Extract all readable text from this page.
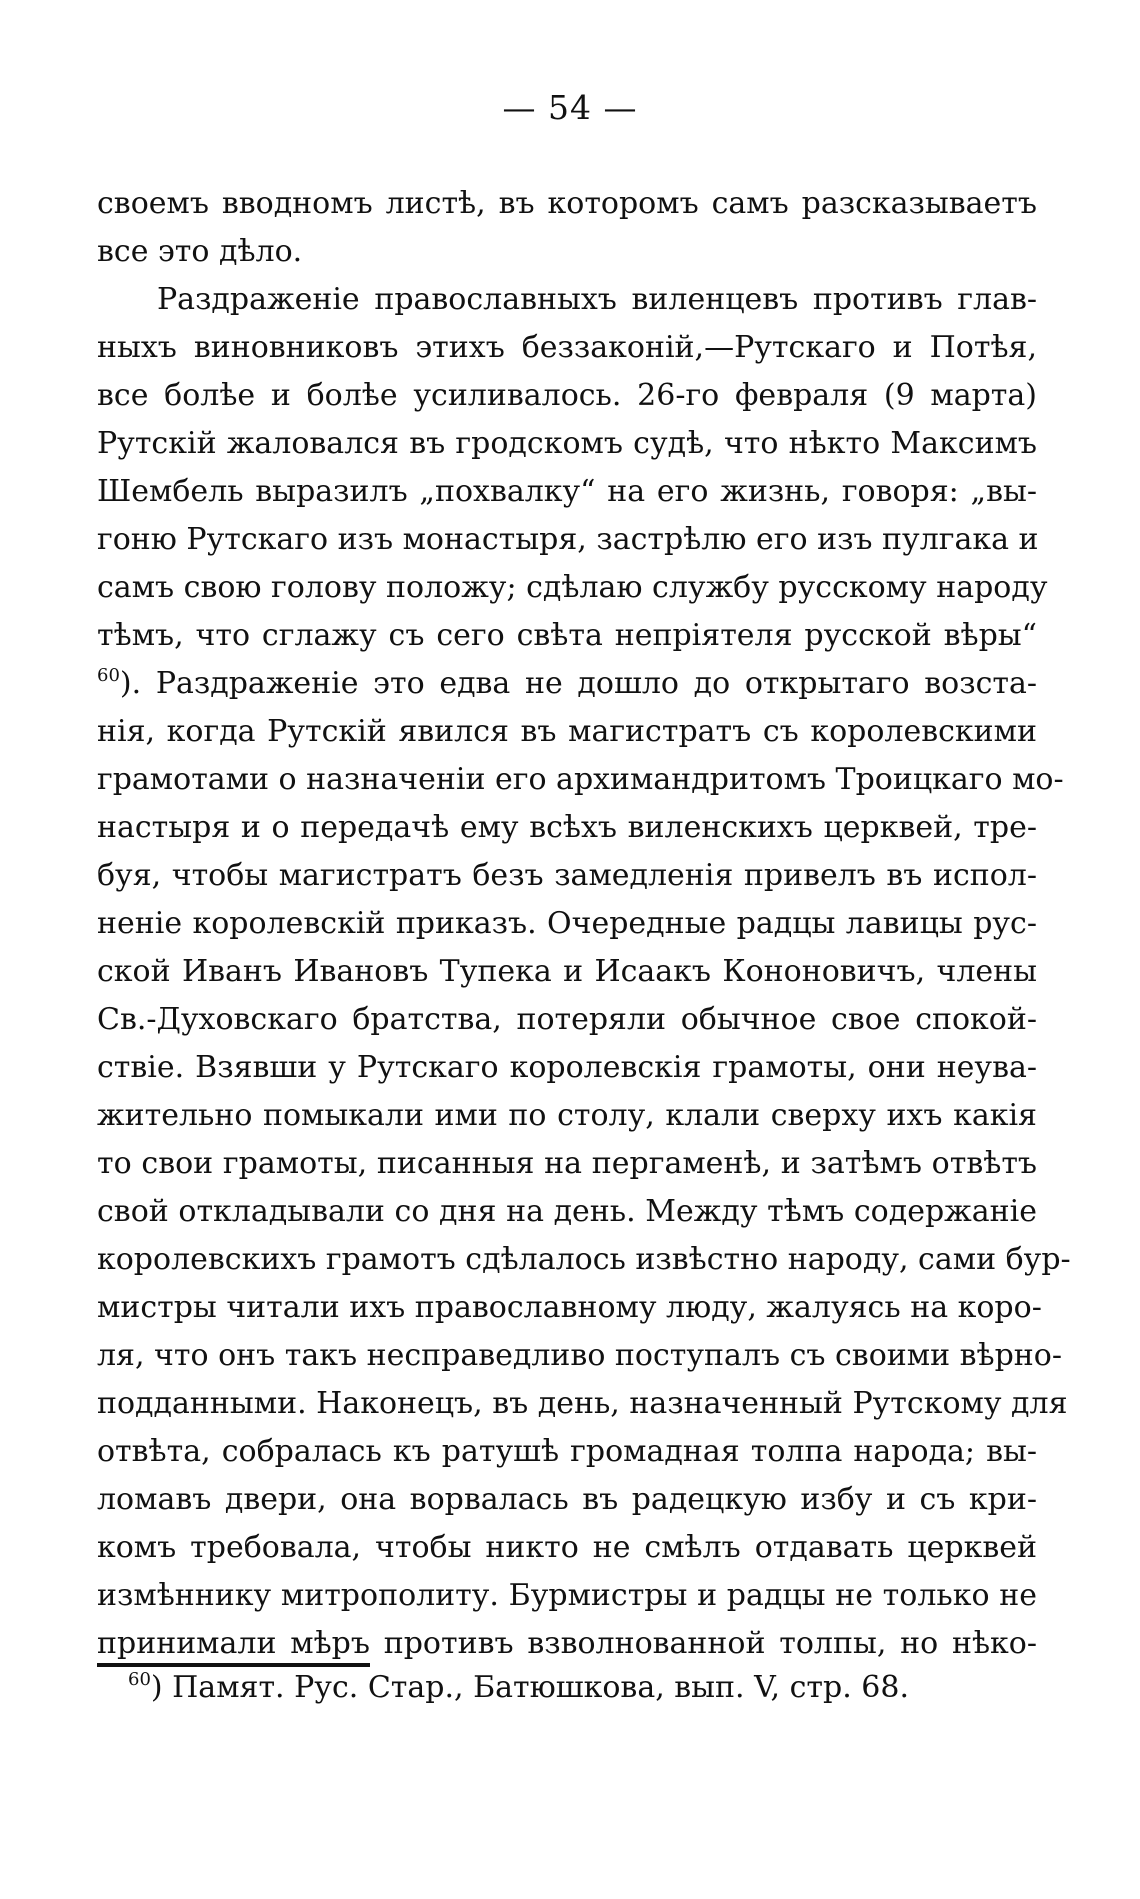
— 54 —
своемъ вводномъ листѣ, въ которомъ самъ разсказываетъ
все это дѣло.
Раздраженіе православныхъ виленцевъ противъ глав-
ныхъ виновниковъ этихъ беззаконій,—Рутскаго и Потѣя,
все болѣе и болѣе усиливалось. 26-го февраля (9 марта)
Рутскій жаловался въ гродскомъ судѣ, что нѣкто Максимъ
Шембель выразилъ „похвалку“ на его жизнь, говоря: „вы-
гоню Рутскаго изъ монастыря, застрѣлю его изъ пулгака и
самъ свою голову положу; сдѣлаю службу русскому народу
тѣмъ, что сглажу съ сего свѣта непріятеля русской вѣры“
$^{60}$). Раздраженіе это едва не дошло до открытаго возста-
нія, когда Рутскій явился въ магистратъ съ королевскими
грамотами о назначеніи его архимандритомъ Троицкаго мо-
настыря и о передачѣ ему всѣхъ виленскихъ церквей, тре-
буя, чтобы магистратъ безъ замедленія привелъ въ испол-
неніе королевскій приказъ. Очередные радцы лавицы рус-
ской Иванъ Ивановъ Тупека и Исаакъ Кононовичъ, члены
Св.-Духовскаго братства, потеряли обычное свое спокой-
ствіе. Взявши у Рутскаго королевскія грамоты, они неува-
жительно помыкали ими по столу, клали сверху ихъ какія
то свои грамоты, писанныя на пергаменѣ, и затѣмъ отвѣтъ
свой откладывали со дня на день. Между тѣмъ содержаніе
королевскихъ грамотъ сдѣлалось извѣстно народу, сами бур-
мистры читали ихъ православному люду, жалуясь на коро-
ля, что онъ такъ несправедливо поступалъ съ своими вѣрно-
подданными. Наконецъ, въ день, назначенный Рутскому для
отвѣта, собралась къ ратушѣ громадная толпа народа; вы-
ломавъ двери, она ворвалась въ радецкую избу и съ кри-
комъ требовала, чтобы никто не смѣлъ отдавать церквей
измѣннику митрополиту. Бурмистры и радцы не только не
принимали мѣръ противъ взволнованной толпы, но нѣко-
$^{60}$) Памят. Рус. Стар., Батюшкова, вып. V, стр. 68.
